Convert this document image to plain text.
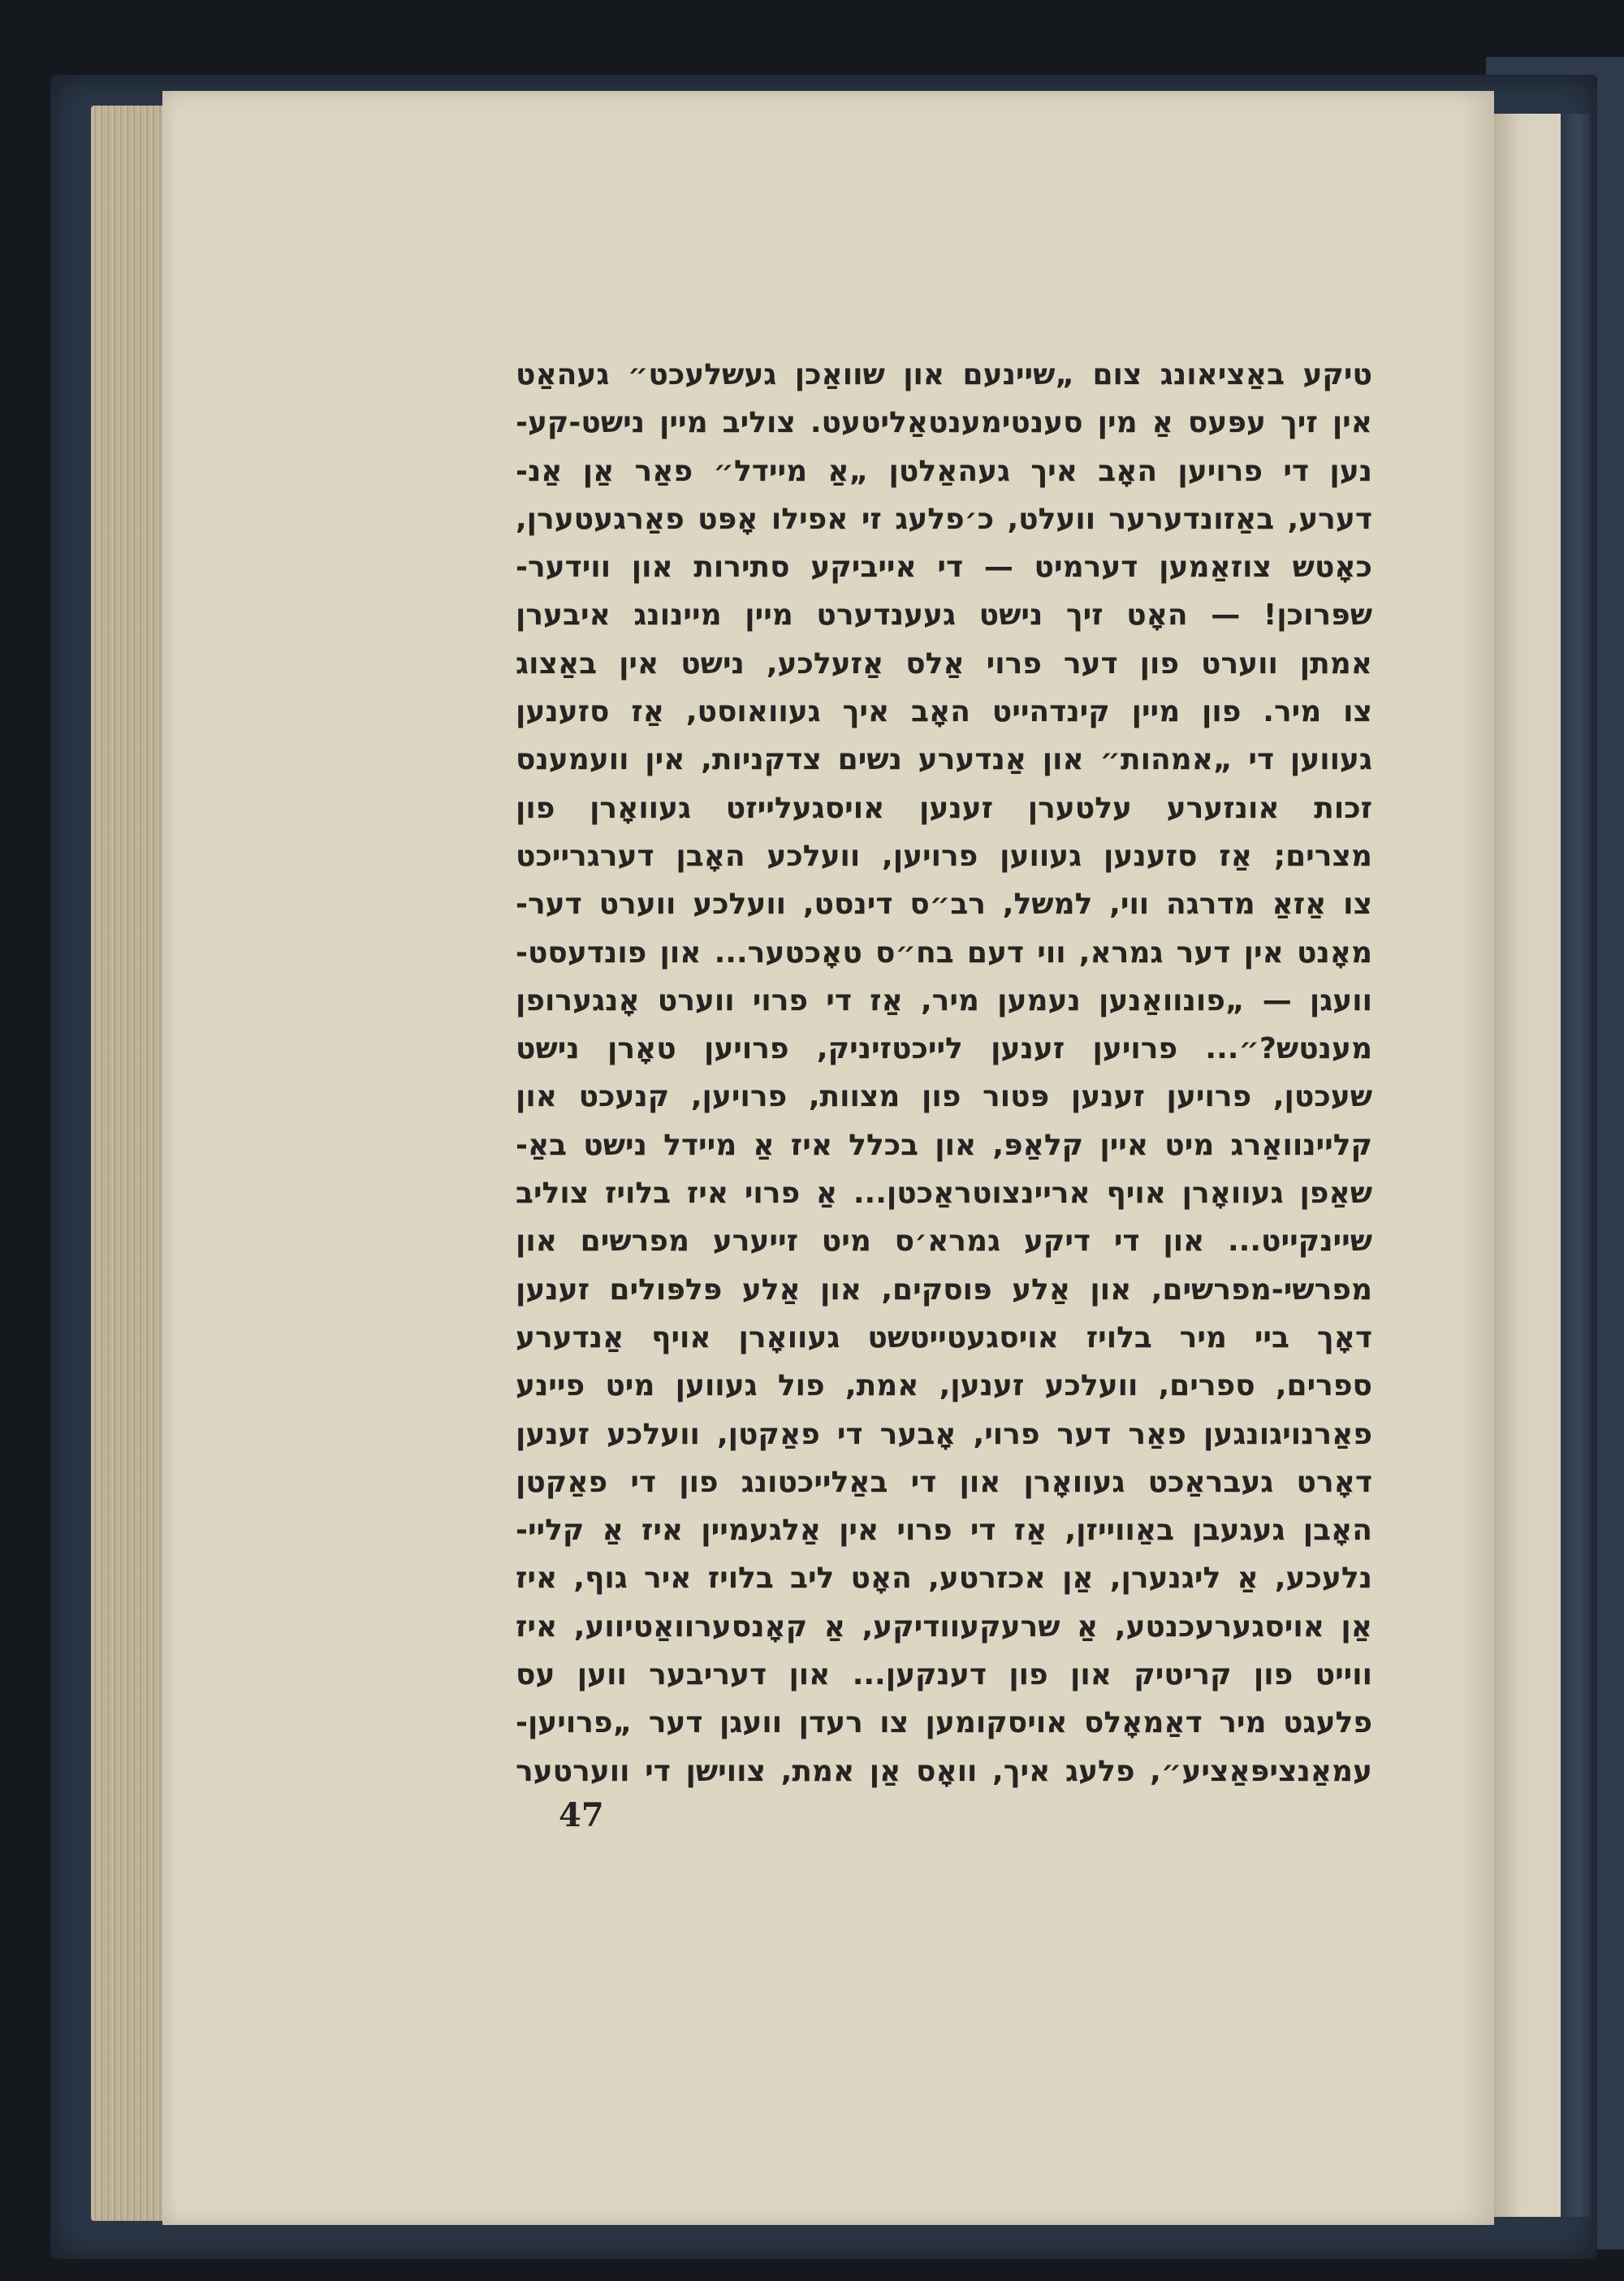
טיקע באַציאונג צום „שיינעם און שוואַכן געשלעכט״ געהאַט
אין זיך עפּעס אַ מין סענטימענטאַליטעט. צוליב מיין נישט-קע-
נען די פרויען האָב איך געהאַלטן „אַ מיידל״ פאַר אַן אַנ-
דערע, באַזונדערער וועלט, כ׳פלעג זי אפילו אָפּט פאַרגעטערן,
כאָטש צוזאַמען דערמיט — די אייביקע סתירות און ווידער-
שפּרוכן! — האָט זיך נישט געענדערט מיין מיינונג איבערן
אמתן ווערט פון דער פרוי אַלס אַזעלכע, נישט אין באַצוג
צו מיר. פון מיין קינדהייט האָב איך געוואוסט, אַז סזענען
געווען די „אמהות״ און אַנדערע נשים צדקניות, אין וועמענס
זכות אונזערע עלטערן זענען אויסגעלייזט געוואָרן פון
מצרים; אַז סזענען געווען פרויען, וועלכע האָבן דערגרייכט
צו אַזאַ מדרגה ווי, למשל, רב״ס דינסט, וועלכע ווערט דער-
מאָנט אין דער גמרא, ווי דעם בח״ס טאָכטער... און פונדעסט-
וועגן — „פונוואַנען נעמען מיר, אַז די פרוי ווערט אָנגערופן
מענטש?״... פרויען זענען לייכטזיניק, פרויען טאָרן נישט
שעכטן, פרויען זענען פּטור פון מצוות, פרויען, קנעכט און
קליינוואַרג מיט איין קלאַפּ, און בכלל איז אַ מיידל נישט באַ-
שאַפן געוואָרן אויף אריינצוטראַכטן... אַ פרוי איז בלויז צוליב
שיינקייט... און די דיקע גמרא׳ס מיט זייערע מפרשים און
מפרשי-מפרשים, און אַלע פּוסקים, און אַלע פּלפּולים זענען
דאָך ביי מיר בלויז אויסגעטייטשט געוואָרן אויף אַנדערע
ספרים, ספרים, וועלכע זענען, אמת, פול געווען מיט פיינע
פאַרנויגונגען פאַר דער פרוי, אָבער די פאַקטן, וועלכע זענען
דאָרט געבראַכט געוואָרן און די באַלייכטונג פון די פאַקטן
האָבן געגעבן באַווייזן, אַז די פרוי אין אַלגעמיין איז אַ קליי-
נלעכע, אַ ליגנערן, אַן אכזרטע, האָט ליב בלויז איר גוף, איז
אַן אויסגערעכנטע, אַ שרעקעוודיקע, אַ קאָנסערוואַטיווע, איז
ווייט פון קריטיק און פון דענקען... און דעריבער ווען עס
פלעגט מיר דאַמאָלס אויסקומען צו רעדן וועגן דער „פרויען-
עמאַנציפּאַציע״, פלעג איך, וואָס אַן אמת, צווישן די ווערטער
47
